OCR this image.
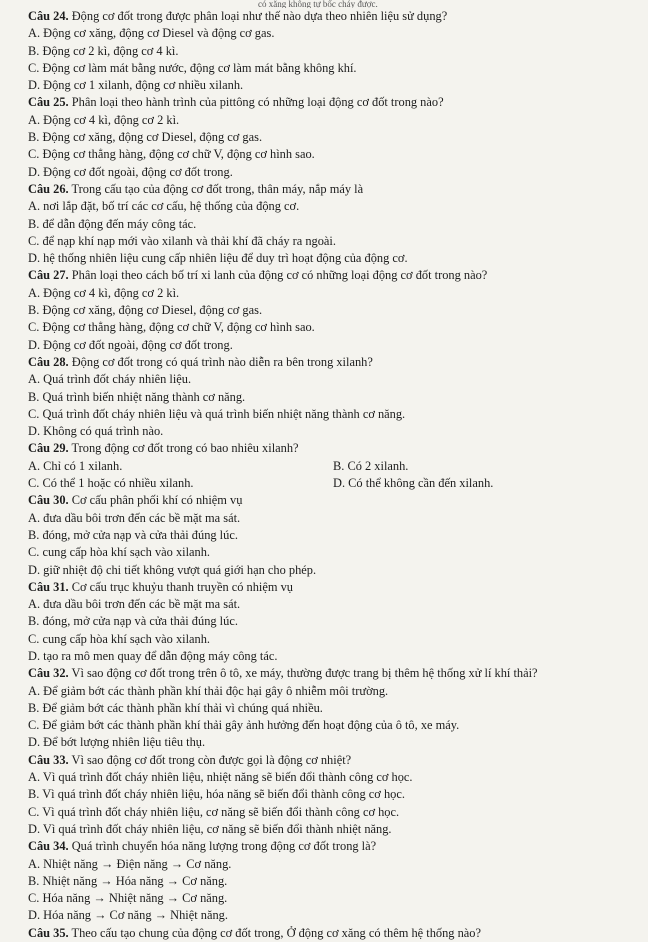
có xăng không tự bốc cháy được.
Câu 24. Động cơ đốt trong được phân loại như thế nào dựa theo nhiên liệu sử dụng?
A. Động cơ xăng, động cơ Diesel và động cơ gas.
B. Động cơ 2 kì, động cơ 4 kì.
C. Động cơ làm mát bằng nước, động cơ làm mát bằng không khí.
D. Động cơ 1 xilanh, động cơ nhiều xilanh.
Câu 25. Phân loại theo hành trình của pittông có những loại động cơ đốt trong nào?
A. Động cơ 4 kì, động cơ 2 kì.
B. Động cơ xăng, động cơ Diesel, động cơ gas.
C. Động cơ thẳng hàng, động cơ chữ V, động cơ hình sao.
D. Động cơ đốt ngoài, động cơ đốt trong.
Câu 26. Trong cấu tạo của động cơ đốt trong, thân máy, nắp máy là
A. nơi lắp đặt, bố trí các cơ cấu, hệ thống của động cơ.
B. để dẫn động đến máy công tác.
C. để nạp khí nạp mới vào xilanh và thải khí đã cháy ra ngoài.
D. hệ thống nhiên liệu cung cấp nhiên liệu để duy trì hoạt động của động cơ.
Câu 27. Phân loại theo cách bố trí xi lanh của động cơ có những loại động cơ đốt trong nào?
A. Động cơ 4 kì, động cơ 2 kì.
B. Động cơ xăng, động cơ Diesel, động cơ gas.
C. Động cơ thẳng hàng, động cơ chữ V, động cơ hình sao.
D. Động cơ đốt ngoài, động cơ đốt trong.
Câu 28. Động cơ đốt trong có quá trình nào diễn ra bên trong xilanh?
A. Quá trình đốt cháy nhiên liệu.
B. Quá trình biến nhiệt năng thành cơ năng.
C. Quá trình đốt cháy nhiên liệu và quá trình biến nhiệt năng thành cơ năng.
D. Không có quá trình nào.
Câu 29. Trong động cơ đốt trong có bao nhiêu xilanh?
A. Chỉ có 1 xilanh.	B. Có 2 xilanh.
C. Có thể 1 hoặc có nhiều xilanh.	D. Có thể không cần đến xilanh.
Câu 30. Cơ cấu phân phối khí có nhiệm vụ
A. đưa dầu bôi trơn đến các bề mặt ma sát.
B. đóng, mở cửa nạp và cửa thải đúng lúc.
C. cung cấp hòa khí sạch vào xilanh.
D. giữ nhiệt độ chi tiết không vượt quá giới hạn cho phép.
Câu 31. Cơ cấu trục khuỷu thanh truyền có nhiệm vụ
A. đưa dầu bôi trơn đến các bề mặt ma sát.
B. đóng, mở cửa nạp và cửa thải đúng lúc.
C. cung cấp hòa khí sạch vào xilanh.
D. tạo ra mô men quay để dẫn động máy công tác.
Câu 32. Vì sao động cơ đốt trong trên ô tô, xe máy, thường được trang bị thêm hệ thống xử lí khí thải?
A. Để giảm bớt các thành phần khí thải độc hại gây ô nhiễm môi trường.
B. Để giảm bớt các thành phần khí thải vì chúng quá nhiều.
C. Để giảm bớt các thành phần khí thải gây ảnh hưởng đến hoạt động của ô tô, xe máy.
D. Để bớt lượng nhiên liệu tiêu thụ.
Câu 33. Vì sao động cơ đốt trong còn được gọi là động cơ nhiệt?
A. Vì quá trình đốt cháy nhiên liệu, nhiệt năng sẽ biến đổi thành công cơ học.
B. Vì quá trình đốt cháy nhiên liệu, hóa năng sẽ biến đổi thành công cơ học.
C. Vì quá trình đốt cháy nhiên liệu, cơ năng sẽ biến đổi thành công cơ học.
D. Vì quá trình đốt cháy nhiên liệu, cơ năng sẽ biến đổi thành nhiệt năng.
Câu 34. Quá trình chuyển hóa năng lượng trong động cơ đốt trong là?
A. Nhiệt năng → Điện năng → Cơ năng.
B. Nhiệt năng → Hóa năng → Cơ năng.
C. Hóa năng → Nhiệt năng → Cơ năng.
D. Hóa năng → Cơ năng → Nhiệt năng.
Câu 35. Theo cấu tạo chung của động cơ đốt trong, Ở động cơ xăng có thêm hệ thống nào?
